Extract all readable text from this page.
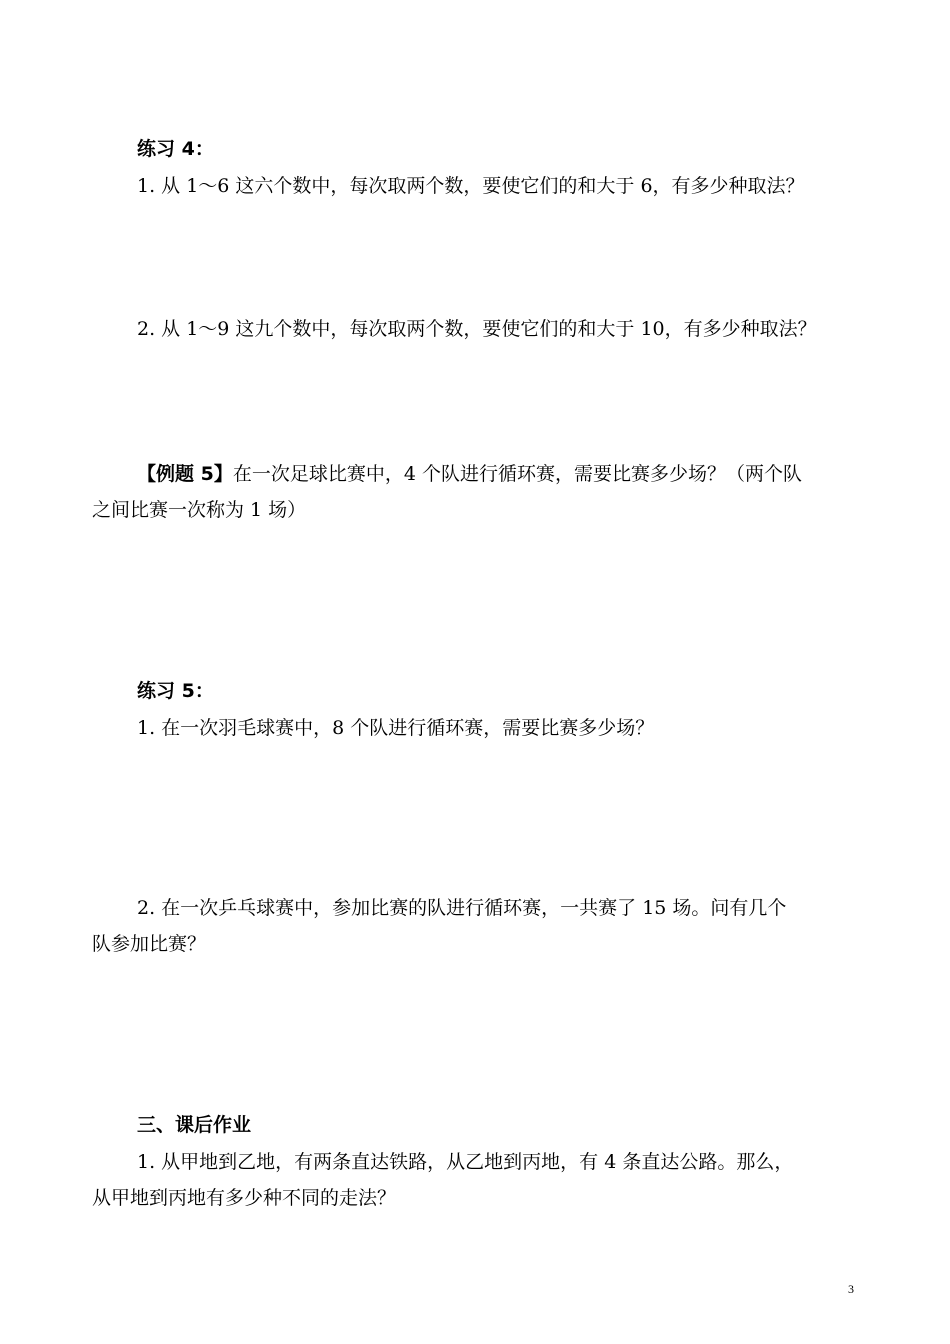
练习 4：
1. 从 1～6 这六个数中，每次取两个数，要使它们的和大于 6，有多少种取法？
2. 从 1～9 这九个数中，每次取两个数，要使它们的和大于 10，有多少种取法？
【例题 5】在一次足球比赛中，4 个队进行循环赛，需要比赛多少场？（两个队
之间比赛一次称为 1 场）
练习 5：
1. 在一次羽毛球赛中，8 个队进行循环赛，需要比赛多少场？
2. 在一次乒乓球赛中，参加比赛的队进行循环赛，一共赛了 15 场。问有几个
队参加比赛？
三、课后作业
1. 从甲地到乙地，有两条直达铁路，从乙地到丙地，有 4 条直达公路。那么，
从甲地到丙地有多少种不同的走法？
3
